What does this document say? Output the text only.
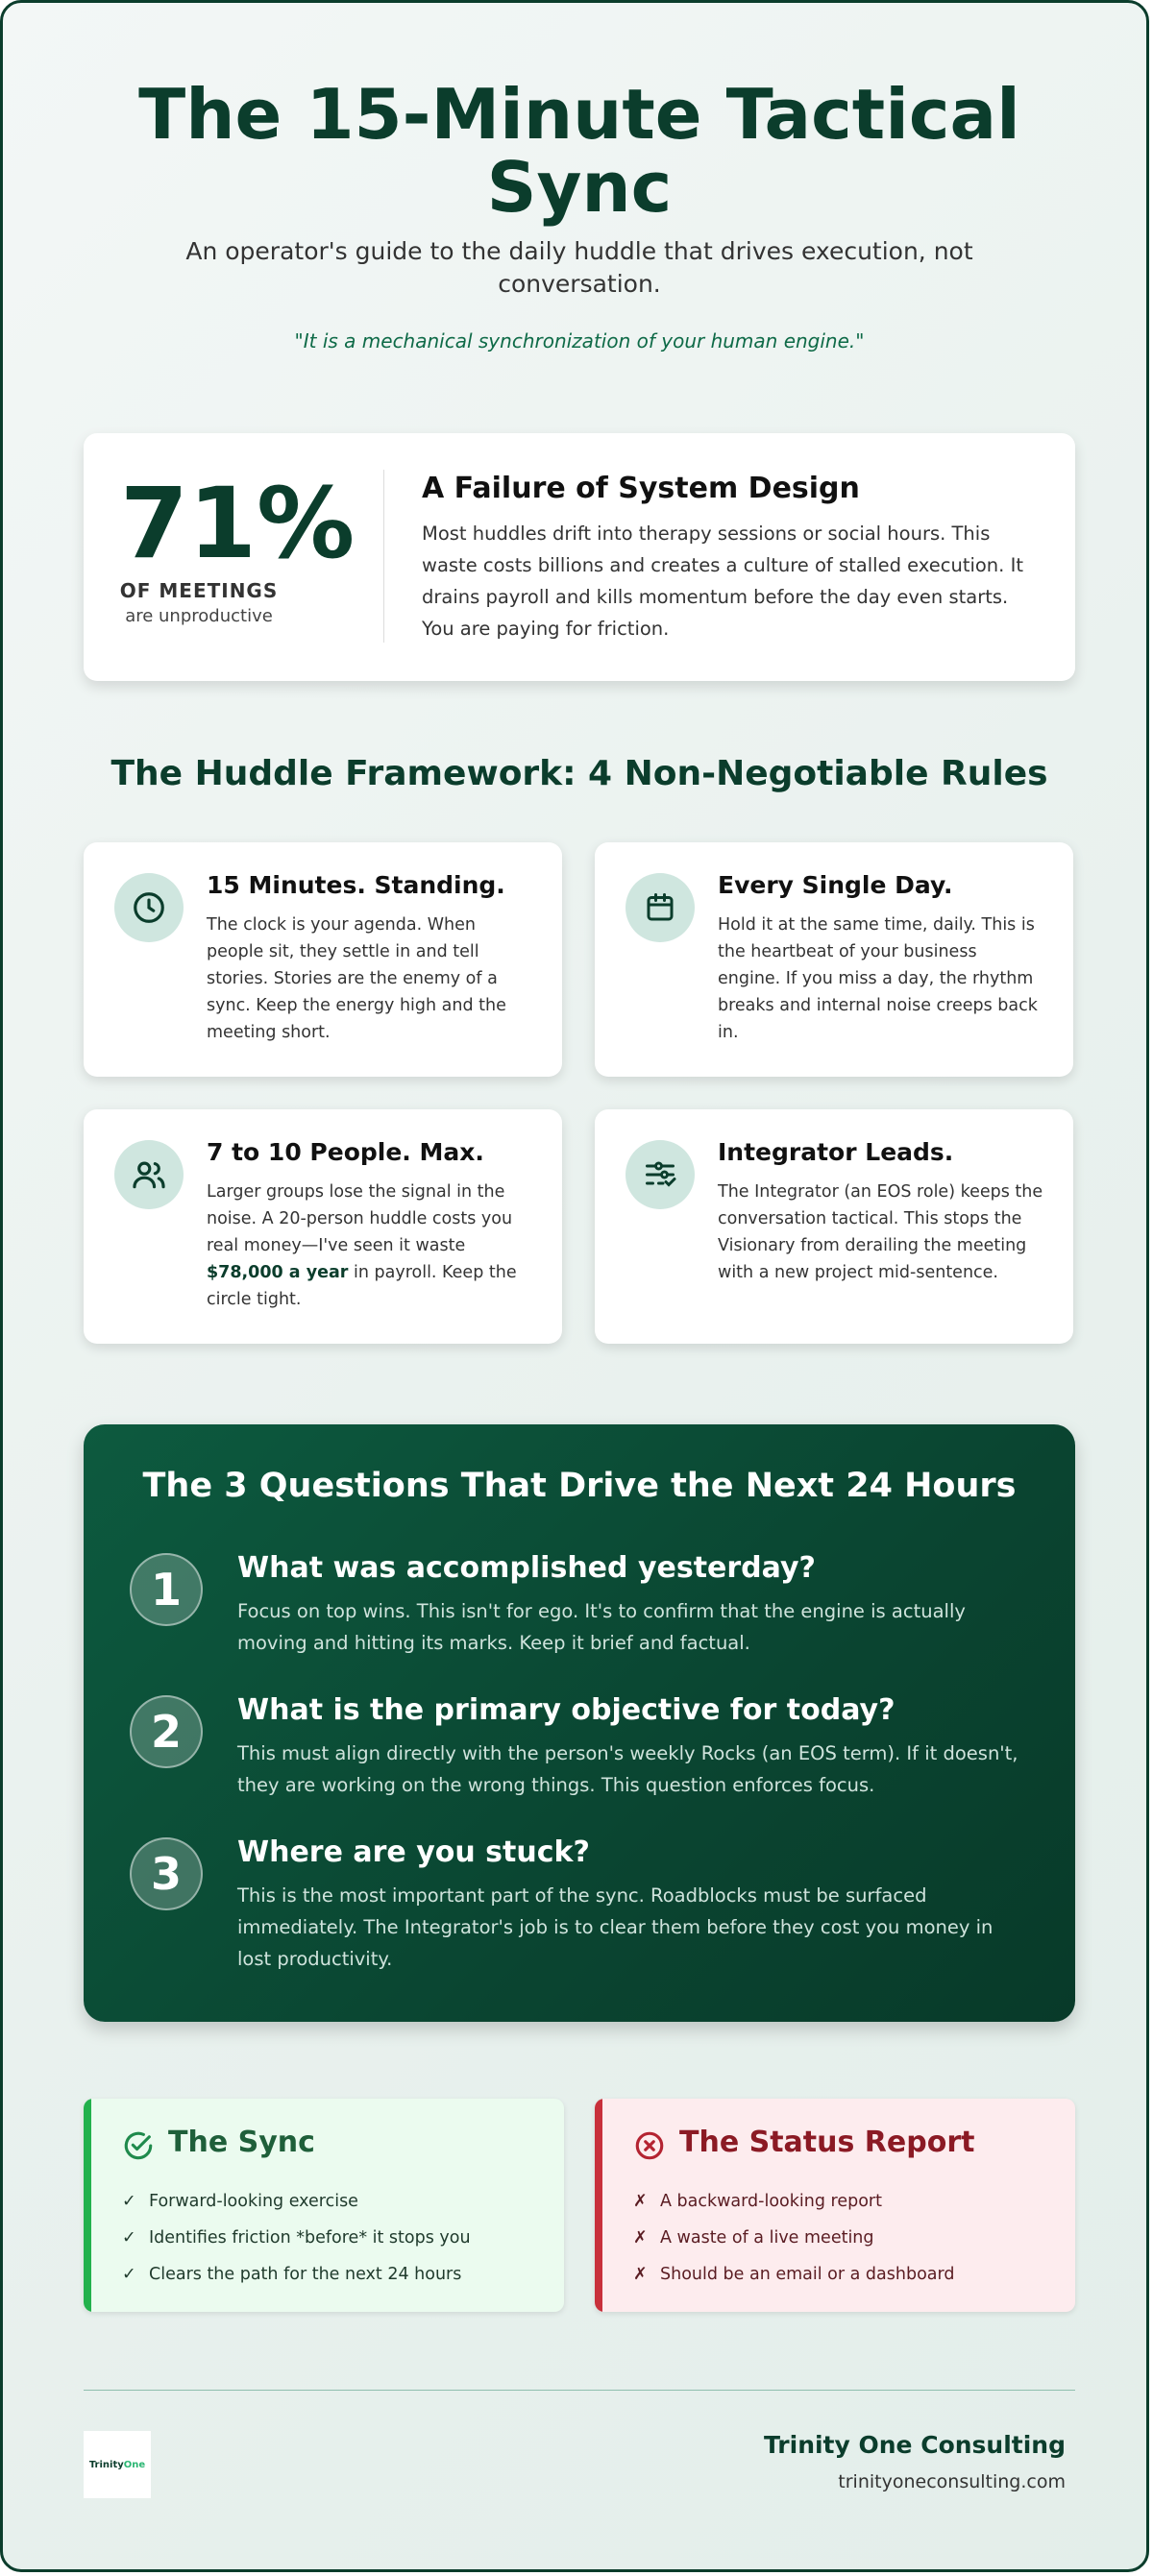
The 15-Minute Tactical Sync
An operator's guide to the daily huddle that drives execution, not conversation.
"It is a mechanical synchronization of your human engine."
71%
OF MEETINGS
are unproductive
A Failure of System Design
Most huddles drift into therapy sessions or social hours. This waste costs billions and creates a culture of stalled execution. It drains payroll and kills momentum before the day even starts. You are paying for friction.
The Huddle Framework: 4 Non-Negotiable Rules
15 Minutes. Standing.
The clock is your agenda. When people sit, they settle in and tell stories. Stories are the enemy of a sync. Keep the energy high and the meeting short.
Every Single Day.
Hold it at the same time, daily. This is the heartbeat of your business engine. If you miss a day, the rhythm breaks and internal noise creeps back in.
7 to 10 People. Max.
Larger groups lose the signal in the noise. A 20-person huddle costs you real money—I've seen it waste $78,000 a year in payroll. Keep the circle tight.
Integrator Leads.
The Integrator (an EOS role) keeps the conversation tactical. This stops the Visionary from derailing the meeting with a new project mid-sentence.
The 3 Questions That Drive the Next 24 Hours
1	What was accomplished yesterday?
Focus on top wins. This isn't for ego. It's to confirm that the engine is actually moving and hitting its marks. Keep it brief and factual.
2	What is the primary objective for today?
This must align directly with the person's weekly Rocks (an EOS term). If it doesn't, they are working on the wrong things. This question enforces focus.
3	Where are you stuck?
This is the most important part of the sync. Roadblocks must be surfaced immediately. The Integrator's job is to clear them before they cost you money in lost productivity.
The Sync
✓ Forward-looking exercise
✓ Identifies friction *before* it stops you
✓ Clears the path for the next 24 hours
The Status Report
✗ A backward-looking report
✗ A waste of a live meeting
✗ Should be an email or a dashboard
Trinity One
Trinity One Consulting
trinityoneconsulting.com
